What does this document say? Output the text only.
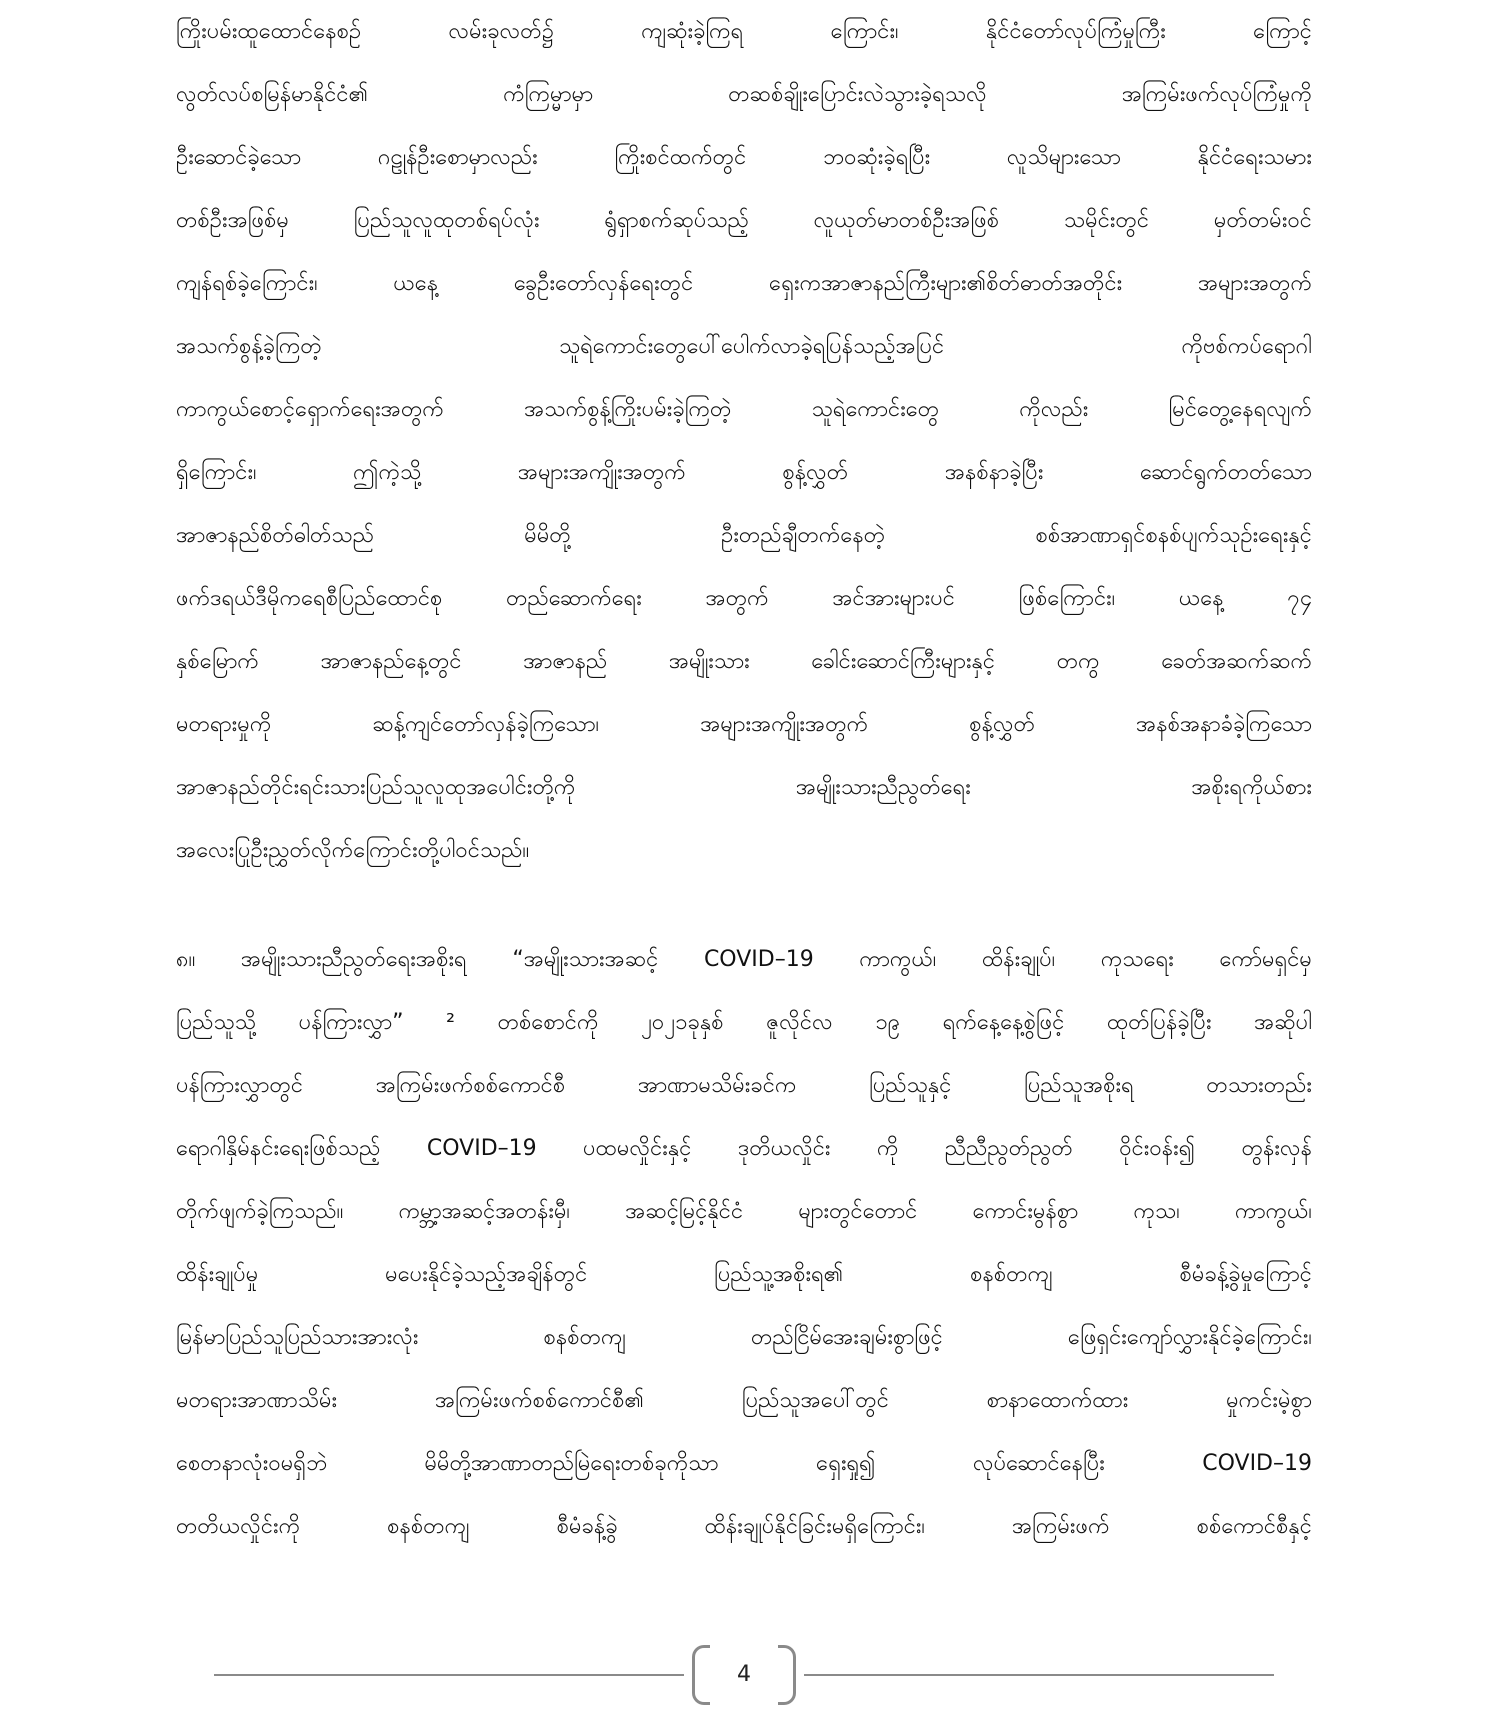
ကြိုးပမ်းထူထောင်နေစဉ် လမ်းခုလတ်၌ ကျဆုံးခဲ့ကြရ ကြောင်း၊ နိုင်ငံတော်လုပ်ကြံမှုကြီး ကြောင့်
လွတ်လပ်စမြန်မာနိုင်ငံ၏ ကံကြမ္မာမှာ တဆစ်ချိုးပြောင်းလဲသွားခဲ့ရသလို အကြမ်းဖက်လုပ်ကြံမှုကို
ဦးဆောင်ခဲ့သော ဂဠုန်ဦးစောမှာလည်း ကြိုးစင်ထက်တွင် ဘဝဆုံးခဲ့ရပြီး လူသိများသော နိုင်ငံရေးသမား
တစ်ဦးအဖြစ်မှ ပြည်သူလူထုတစ်ရပ်လုံး ရွံရှာစက်ဆုပ်သည့် လူယုတ်မာတစ်ဦးအဖြစ် သမိုင်းတွင် မှတ်တမ်းဝင်
ကျန်ရစ်ခဲ့ကြောင်း၊ ယနေ့ ခွေဦးတော်လှန်ရေးတွင် ရှေးကအာဇာနည်ကြီးများ၏စိတ်ဓာတ်အတိုင်း အများအတွက်
အသက်စွန့်ခဲ့ကြတဲ့ သူရဲကောင်းတွေပေါ်ပေါက်လာခဲ့ရပြန်သည့်အပြင် ကိုဗစ်ကပ်ရောဂါ
ကာကွယ်စောင့်ရှောက်ရေးအတွက် အသက်စွန့်ကြိုးပမ်းခဲ့ကြတဲ့ သူရဲကောင်းတွေ ကိုလည်း မြင်တွေ့နေရလျက်
ရှိကြောင်း၊ ဤကဲ့သို့ အများအကျိုးအတွက် စွန့်လွှတ် အနစ်နာခဲ့ပြီး ဆောင်ရွက်တတ်သော
အာဇာနည်စိတ်ဓါတ်သည် မိမိတို့ ဦးတည်ချီတက်နေတဲ့ စစ်အာဏာရှင်စနစ်ပျက်သုဉ်းရေးနှင့်
ဖက်ဒရယ်ဒီမိုကရေစီပြည်ထောင်စု တည်ဆောက်ရေး အတွက် အင်အားများပင် ဖြစ်ကြောင်း၊ ယနေ့ ၇၄
နှစ်မြောက် အာဇာနည်နေ့တွင် အာဇာနည် အမျိုးသား ခေါင်းဆောင်ကြီးများနှင့် တကွ ခေတ်အဆက်ဆက်
မတရားမှုကို ဆန့်ကျင်တော်လှန်ခဲ့ကြသော၊ အများအကျိုးအတွက် စွန့်လွှတ် အနစ်အနာခံခဲ့ကြသော
အာဇာနည်တိုင်းရင်းသားပြည်သူလူထုအပေါင်းတို့ကို အမျိုးသားညီညွတ်ရေး အစိုးရကိုယ်စား
အလေးပြုဦးညွှတ်လိုက်ကြောင်းတို့ပါဝင်သည်။
၈။ အမျိုးသားညီညွတ်ရေးအစိုးရ “အမျိုးသားအဆင့် COVID–19 ကာကွယ်၊ ထိန်းချုပ်၊ ကုသရေး ကော်မရှင်မှ
ပြည်သူသို့ ပန်ကြားလွှာ” ² တစ်စောင်ကို ၂၀၂၁ခုနှစ် ဇူလိုင်လ ၁၉ ရက်နေ့နေ့စွဲဖြင့် ထုတ်ပြန်ခဲ့ပြီး အဆိုပါ
ပန်ကြားလွှာတွင် အကြမ်းဖက်စစ်ကောင်စီ အာဏာမသိမ်းခင်က ပြည်သူနှင့် ပြည်သူအစိုးရ တသားတည်း
ရောဂါနှိမ်နင်းရေးဖြစ်သည့် COVID–19 ပထမလှိုင်းနှင့် ဒုတိယလှိုင်း ကို ညီညီညွတ်ညွတ် ဝိုင်းဝန်း၍ တွန်းလှန်
တိုက်ဖျက်ခဲ့ကြသည်။ ကမ္ဘာ့အဆင့်အတန်းမှီ၊ အဆင့်မြင့်နိုင်ငံ များတွင်တောင် ကောင်းမွန်စွာ ကုသ၊ ကာကွယ်၊
ထိန်းချုပ်မှု မပေးနိုင်ခဲ့သည့်အချိန်တွင် ပြည်သူ့အစိုးရ၏ စနစ်တကျ စီမံခန့်ခွဲမှုကြောင့်
မြန်မာပြည်သူပြည်သားအားလုံး စနစ်တကျ တည်ငြိမ်အေးချမ်းစွာဖြင့် ဖြေရှင်းကျော်လွှားနိုင်ခဲ့ကြောင်း၊
မတရားအာဏာသိမ်း အကြမ်းဖက်စစ်ကောင်စီ၏ ပြည်သူအပေါ်တွင် စာနာထောက်ထား မှုကင်းမဲ့စွာ
စေတနာလုံးဝမရှိဘဲ မိမိတို့အာဏာတည်မြဲရေးတစ်ခုကိုသာ ရှေးရှု၍ လုပ်ဆောင်နေပြီး COVID–19
တတိယလှိုင်းကို စနစ်တကျ စီမံခန့်ခွဲ ထိန်းချုပ်နိုင်ခြင်းမရှိကြောင်း၊ အကြမ်းဖက် စစ်ကောင်စီနှင့်
4
